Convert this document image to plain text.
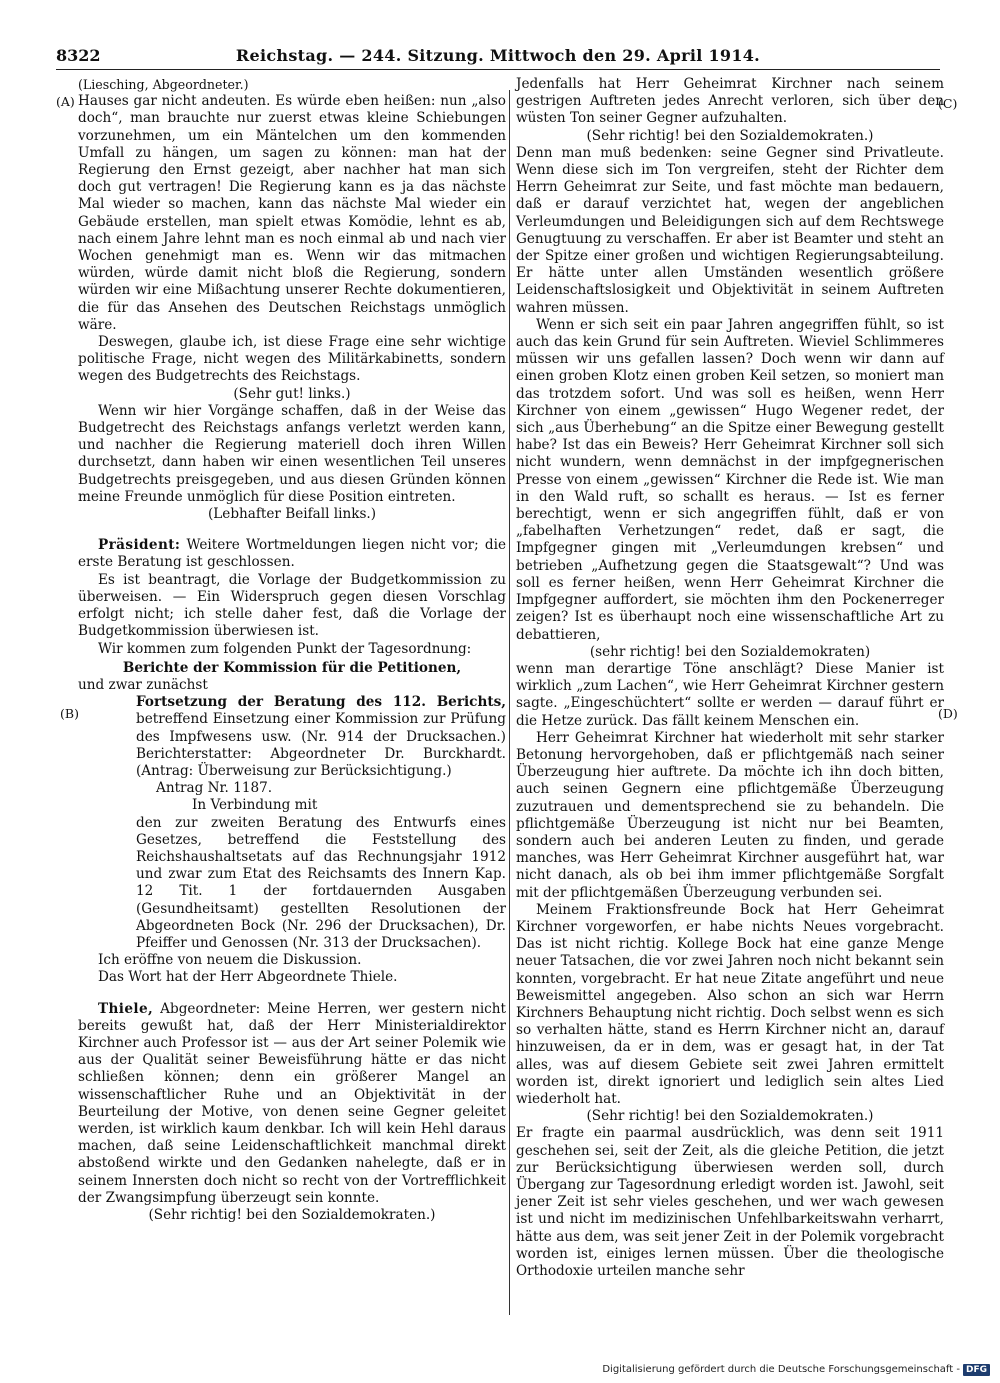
8322	Reichstag. — 244. Sitzung. Mittwoch den 29. April 1914.
(A)
(B)
(C)
(D)

(Liesching, Abgeordneter.)

Hauses gar nicht andeuten. Es würde eben heißen: nun „also doch“, man brauchte nur zuerst etwas kleine Schiebungen vorzunehmen, um ein Mäntelchen um den kommenden Umfall zu hängen, um sagen zu können: man hat der Regierung den Ernst gezeigt, aber nachher hat man sich doch gut vertragen! Die Regierung kann es ja das nächste Mal wieder so machen, kann das nächste Mal wieder ein Gebäude erstellen, man spielt etwas Komödie, lehnt es ab, nach einem Jahre lehnt man es noch einmal ab und nach vier Wochen genehmigt man es. Wenn wir das mitmachen würden, würde damit nicht bloß die Regierung, sondern würden wir eine Mißachtung unserer Rechte dokumentieren, die für das Ansehen des Deutschen Reichstags unmöglich wäre.

Deswegen, glaube ich, ist diese Frage eine sehr wichtige politische Frage, nicht wegen des Militärkabinetts, sondern wegen des Budgetrechts des Reichstags.

(Sehr gut! links.)

Wenn wir hier Vorgänge schaffen, daß in der Weise das Budgetrecht des Reichstags anfangs verletzt werden kann, und nachher die Regierung materiell doch ihren Willen durchsetzt, dann haben wir einen wesentlichen Teil unseres Budgetrechts preisgegeben, und aus diesen Gründen können meine Freunde unmöglich für diese Position eintreten.

(Lebhafter Beifall links.)

Präsident: Weitere Wortmeldungen liegen nicht vor; die erste Beratung ist geschlossen.

Es ist beantragt, die Vorlage der Budgetkommission zu überweisen. — Ein Widerspruch gegen diesen Vorschlag erfolgt nicht; ich stelle daher fest, daß die Vorlage der Budgetkommission überwiesen ist.

Wir kommen zum folgenden Punkt der Tagesordnung:

Berichte der Kommission für die Petitionen,

und zwar zunächst

Fortsetzung der Beratung des 112. Berichts, betreffend Einsetzung einer Kommission zur Prüfung des Impfwesens usw. (Nr. 914 der Drucksachen.) Berichterstatter: Abgeordneter Dr. Burckhardt. (Antrag: Überweisung zur Berücksichtigung.)

Antrag Nr. 1187.

In Verbindung mit

den zur zweiten Beratung des Entwurfs eines Gesetzes, betreffend die Feststellung des Reichshaushaltsetats auf das Rechnungsjahr 1912 und zwar zum Etat des Reichsamts des Innern Kap. 12 Tit. 1 der fortdauernden Ausgaben (Gesundheitsamt) gestellten Resolutionen der Abgeordneten Bock (Nr. 296 der Drucksachen), Dr. Pfeiffer und Genossen (Nr. 313 der Drucksachen).

Ich eröffne von neuem die Diskussion.

Das Wort hat der Herr Abgeordnete Thiele.

Thiele, Abgeordneter: Meine Herren, wer gestern nicht bereits gewußt hat, daß der Herr Ministerialdirektor Kirchner auch Professor ist — aus der Art seiner Polemik wie aus der Qualität seiner Beweisführung hätte er das nicht schließen können; denn ein größerer Mangel an wissenschaftlicher Ruhe und an Objektivität in der Beurteilung der Motive, von denen seine Gegner geleitet werden, ist wirklich kaum denkbar. Ich will kein Hehl daraus machen, daß seine Leidenschaftlichkeit manchmal direkt abstoßend wirkte und den Gedanken nahelegte, daß er in seinem Innersten doch nicht so recht von der Vortrefflichkeit der Zwangsimpfung überzeugt sein konnte.

(Sehr richtig! bei den Sozialdemokraten.)

Jedenfalls hat Herr Geheimrat Kirchner nach seinem gestrigen Auftreten jedes Anrecht verloren, sich über den wüsten Ton seiner Gegner aufzuhalten.

(Sehr richtig! bei den Sozialdemokraten.)

Denn man muß bedenken: seine Gegner sind Privatleute. Wenn diese sich im Ton vergreifen, steht der Richter dem Herrn Geheimrat zur Seite, und fast möchte man bedauern, daß er darauf verzichtet hat, wegen der angeblichen Verleumdungen und Beleidigungen sich auf dem Rechtswege Genugtuung zu verschaffen. Er aber ist Beamter und steht an der Spitze einer großen und wichtigen Regierungsabteilung. Er hätte unter allen Umständen wesentlich größere Leidenschaftslosigkeit und Objektivität in seinem Auftreten wahren müssen.

Wenn er sich seit ein paar Jahren angegriffen fühlt, so ist auch das kein Grund für sein Auftreten. Wieviel Schlimmeres müssen wir uns gefallen lassen? Doch wenn wir dann auf einen groben Klotz einen groben Keil setzen, so moniert man das trotzdem sofort. Und was soll es heißen, wenn Herr Kirchner von einem „gewissen“ Hugo Wegener redet, der sich „aus Überhebung“ an die Spitze einer Bewegung gestellt habe? Ist das ein Beweis? Herr Geheimrat Kirchner soll sich nicht wundern, wenn demnächst in der impfgegnerischen Presse von einem „gewissen“ Kirchner die Rede ist. Wie man in den Wald ruft, so schallt es heraus. — Ist es ferner berechtigt, wenn er sich angegriffen fühlt, daß er von „fabelhaften Verhetzungen“ redet, daß er sagt, die Impfgegner gingen mit „Verleumdungen krebsen“ und betrieben „Aufhetzung gegen die Staatsgewalt“? Und was soll es ferner heißen, wenn Herr Geheimrat Kirchner die Impfgegner auffordert, sie möchten ihm den Pockenerreger zeigen? Ist es überhaupt noch eine wissenschaftliche Art zu debattieren,

(sehr richtig! bei den Sozialdemokraten)

wenn man derartige Töne anschlägt? Diese Manier ist wirklich „zum Lachen“, wie Herr Geheimrat Kirchner gestern sagte. „Eingeschüchtert“ sollte er werden — darauf führt er die Hetze zurück. Das fällt keinem Menschen ein.

Herr Geheimrat Kirchner hat wiederholt mit sehr starker Betonung hervorgehoben, daß er pflichtgemäß nach seiner Überzeugung hier auftrete. Da möchte ich ihn doch bitten, auch seinen Gegnern eine pflichtgemäße Überzeugung zuzutrauen und dementsprechend sie zu behandeln. Die pflichtgemäße Überzeugung ist nicht nur bei Beamten, sondern auch bei anderen Leuten zu finden, und gerade manches, was Herr Geheimrat Kirchner ausgeführt hat, war nicht danach, als ob bei ihm immer pflichtgemäße Sorgfalt mit der pflichtgemäßen Überzeugung verbunden sei.

Meinem Fraktionsfreunde Bock hat Herr Geheimrat Kirchner vorgeworfen, er habe nichts Neues vorgebracht. Das ist nicht richtig. Kollege Bock hat eine ganze Menge neuer Tatsachen, die vor zwei Jahren noch nicht bekannt sein konnten, vorgebracht. Er hat neue Zitate angeführt und neue Beweismittel angegeben. Also schon an sich war Herrn Kirchners Behauptung nicht richtig. Doch selbst wenn es sich so verhalten hätte, stand es Herrn Kirchner nicht an, darauf hinzuweisen, da er in dem, was er gesagt hat, in der Tat alles, was auf diesem Gebiete seit zwei Jahren ermittelt worden ist, direkt ignoriert und lediglich sein altes Lied wiederholt hat.

(Sehr richtig! bei den Sozialdemokraten.)

Er fragte ein paarmal ausdrücklich, was denn seit 1911 geschehen sei, seit der Zeit, als die gleiche Petition, die jetzt zur Berücksichtigung überwiesen werden soll, durch Übergang zur Tagesordnung erledigt worden ist. Jawohl, seit jener Zeit ist sehr vieles geschehen, und wer wach gewesen ist und nicht im medizinischen Unfehlbarkeitswahn verharrt, hätte aus dem, was seit jener Zeit in der Polemik vorgebracht worden ist, einiges lernen müssen. Über die theologische Orthodoxie urteilen manche sehr

Digitalisierung gefördert durch die Deutsche Forschungsgemeinschaft - DFG
